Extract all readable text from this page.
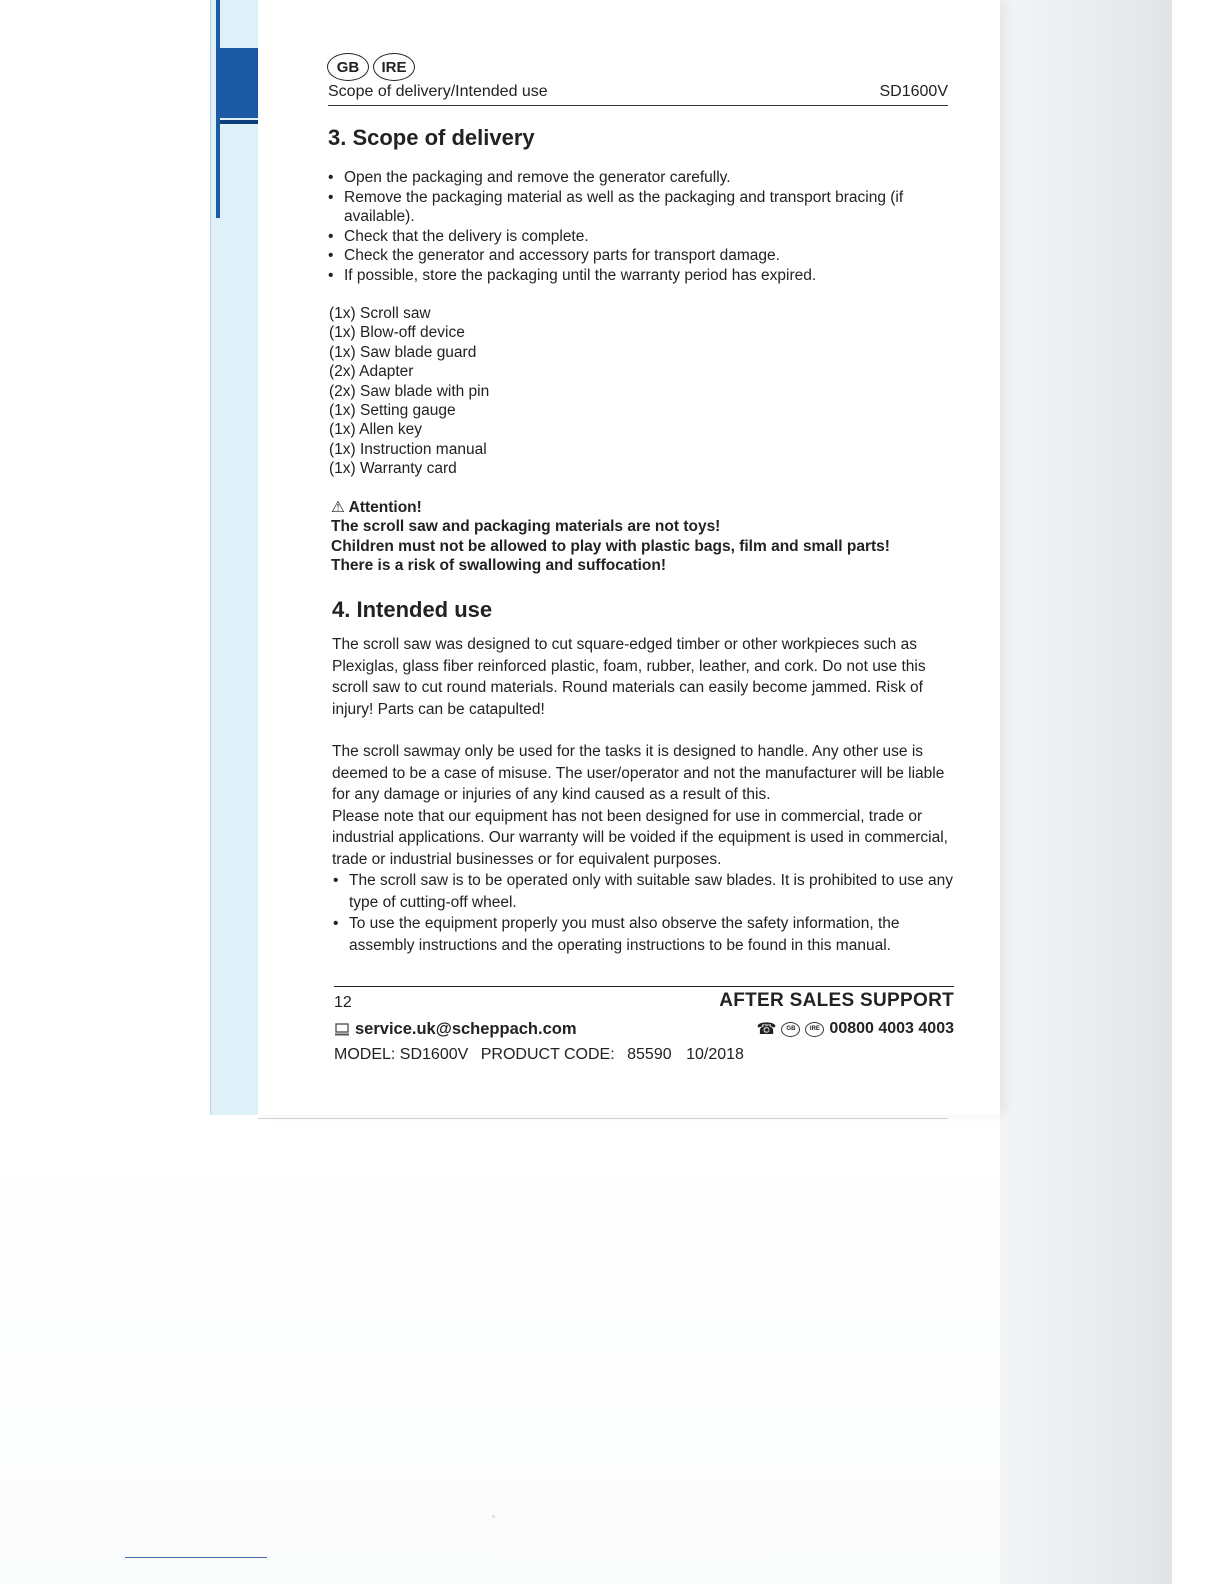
GB	IRE
Scope of delivery/Intended use	SD1600V
3. Scope of delivery
• Open the packaging and remove the generator carefully.
• Remove the packaging material as well as the packaging and transport bracing (if available).
• Check that the delivery is complete.
• Check the generator and accessory parts for transport damage.
• If possible, store the packaging until the warranty period has expired.
(1x) Scroll saw
(1x) Blow-off device
(1x) Saw blade guard
(2x) Adapter
(2x) Saw blade with pin
(1x) Setting gauge
(1x) Allen key
(1x) Instruction manual
(1x) Warranty card
⚠ Attention!
The scroll saw and packaging materials are not toys!
Children must not be allowed to play with plastic bags, film and small parts!
There is a risk of swallowing and suffocation!
4. Intended use

The scroll saw was designed to cut square-edged timber or other workpieces such as Plexiglas, glass fiber reinforced plastic, foam, rubber, leather, and cork. Do not use this scroll saw to cut round materials. Round materials can easily become jammed. Risk of injury! Parts can be catapulted!

The scroll sawmay only be used for the tasks it is designed to handle. Any other use is deemed to be a case of misuse. The user/operator and not the manufacturer will be liable for any damage or injuries of any kind caused as a result of this.
Please note that our equipment has not been designed for use in commercial, trade or industrial applications. Our warranty will be voided if the equipment is used in commercial, trade or industrial businesses or for equivalent purposes.
• The scroll saw is to be operated only with suitable saw blades. It is prohibited to use any type of cutting-off wheel.
• To use the equipment properly you must also observe the safety information, the assembly instructions and the operating instructions to be found in this manual.
12	AFTER SALES SUPPORT
service.uk@scheppach.com	☎	GB	IRE 00800 4003 4003
MODEL: SD1600V PRODUCT CODE: 85590 10/2018
